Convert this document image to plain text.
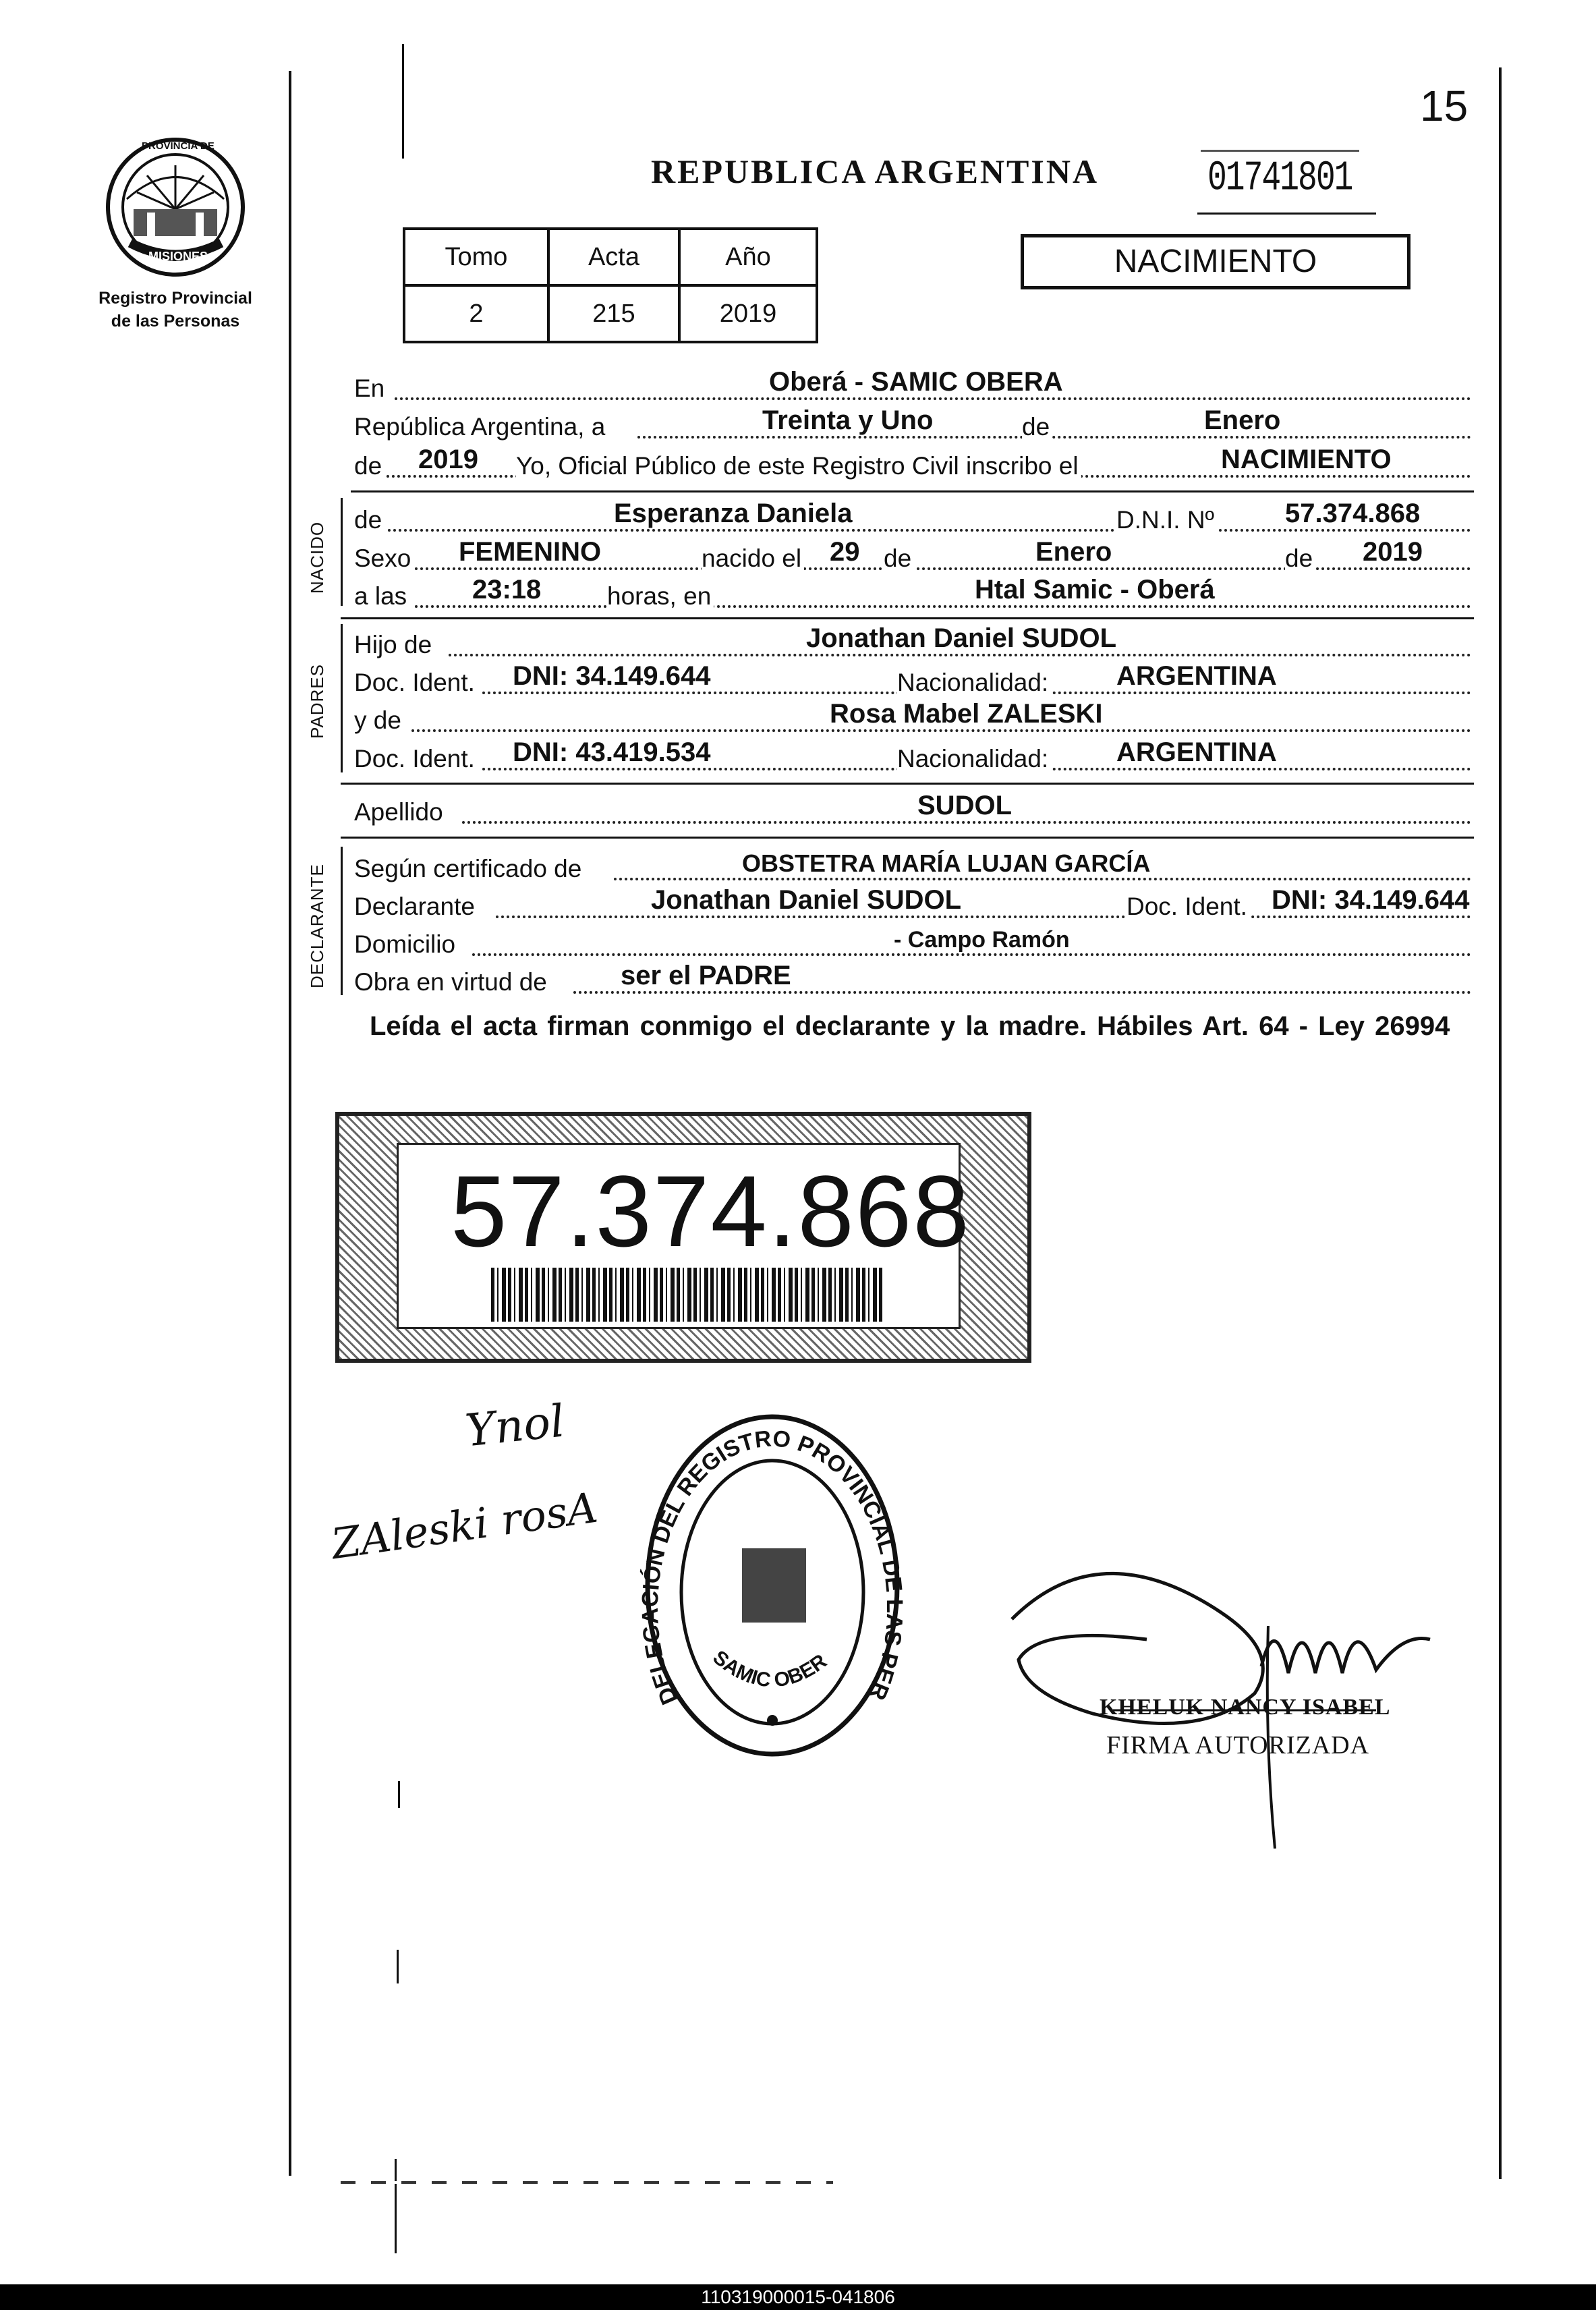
15
PROVINCIA DE
MISIONES
Registro Provincial
de las Personas
REPUBLICA ARGENTINA	01741801
Tomo	Acta	Año
2	215	2019
NACIMIENTO
En	Oberá - SAMIC OBERA
República Argentina, a	Treinta y Uno	de	Enero
de 2019 Yo, Oficial Público de este Registro Civil inscribo el	NACIMIENTO
NACIDO
de	Esperanza Daniela	D.N.I. Nº	57.374.868
Sexo FEMENINO	nacido el 29 de	Enero	de 2019
a las 23:18	horas, en	Htal Samic - Oberá
PADRES
Hijo de	Jonathan Daniel SUDOL
Doc. Ident. DNI: 34.149.644	Nacionalidad:	ARGENTINA
y de	Rosa Mabel ZALESKI
Doc. Ident. DNI: 43.419.534	Nacionalidad:	ARGENTINA
Apellido	SUDOL
DECLARANTE Según certificado de	OBSTETRA MARÍA LUJAN GARCÍA
Declarante	Jonathan Daniel SUDOL	Doc. Ident. DNI: 34.149.644
Domicilio	- Campo Ramón
Obra en virtud de	ser el PADRE
Leída el acta firman conmigo el declarante y la madre. Hábiles Art. 64 - Ley 26994
57.374.868
Ynol
ZAleski rosA
DELEGACIÓN DEL REGISTRO PROVINCIAL DE LAS PER
SAMIC OBER
KHELUK NANCY ISABEL
FIRMA AUTORIZADA
110319000015-041806
